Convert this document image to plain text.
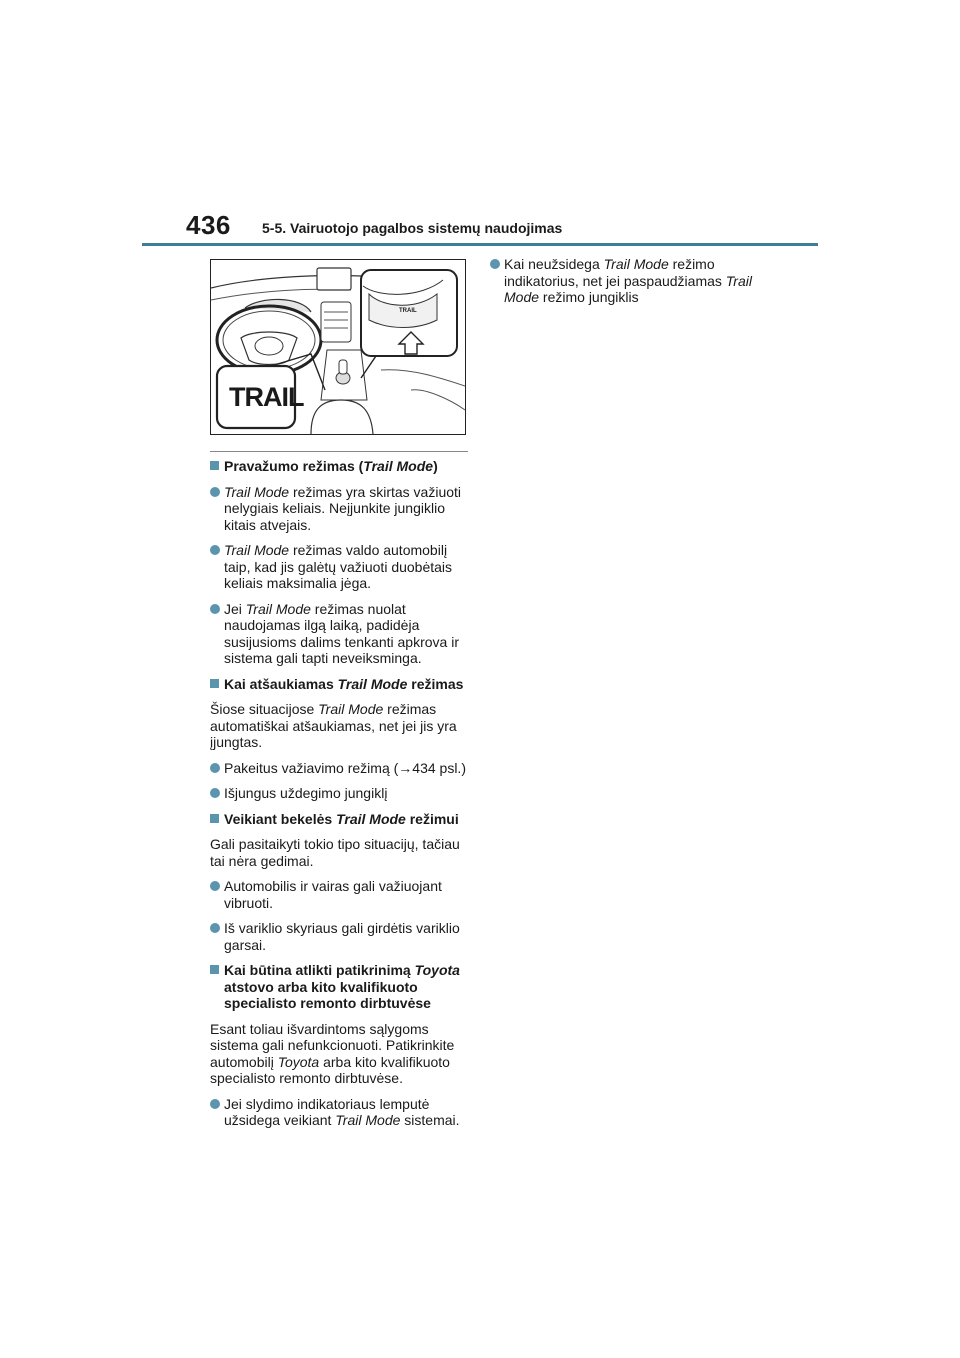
436 5-5. Vairuotojo pagalbos sistemų naudojimas
TRAIL
TRAIL
Pravažumo režimas (Trail Mode)
Trail Mode režimas yra skirtas važiuoti nelygiais keliais. Neįjunkite jungiklio kitais atvejais.
Trail Mode režimas valdo automobilį taip, kad jis galėtų važiuoti duobėtais keliais maksimalia jėga.
Jei Trail Mode režimas nuolat naudojamas ilgą laiką, padidėja susijusioms dalims tenkanti apkrova ir sistema gali tapti neveiksminga.
Kai atšaukiamas Trail Mode režimas
Šiose situacijose Trail Mode režimas automatiškai atšaukiamas, net jei jis yra įjungtas.
Pakeitus važiavimo režimą (→434 psl.)
Išjungus uždegimo jungiklį
Veikiant bekelės Trail Mode režimui
Gali pasitaikyti tokio tipo situacijų, tačiau tai nėra gedimai.
Automobilis ir vairas gali važiuojant vibruoti.
Iš variklio skyriaus gali girdėtis variklio garsai.
Kai būtina atlikti patikrinimą Toyota atstovo arba kito kvalifikuoto specialisto remonto dirbtuvėse
Esant toliau išvardintoms sąlygoms sistema gali nefunkcionuoti. Patikrinkite automobilį Toyota arba kito kvalifikuoto specialisto remonto dirbtuvėse.
Jei slydimo indikatoriaus lemputė užsidega veikiant Trail Mode sistemai.
Kai neužsidega Trail Mode režimo indikatorius, net jei paspaudžiamas Trail Mode režimo jungiklis
